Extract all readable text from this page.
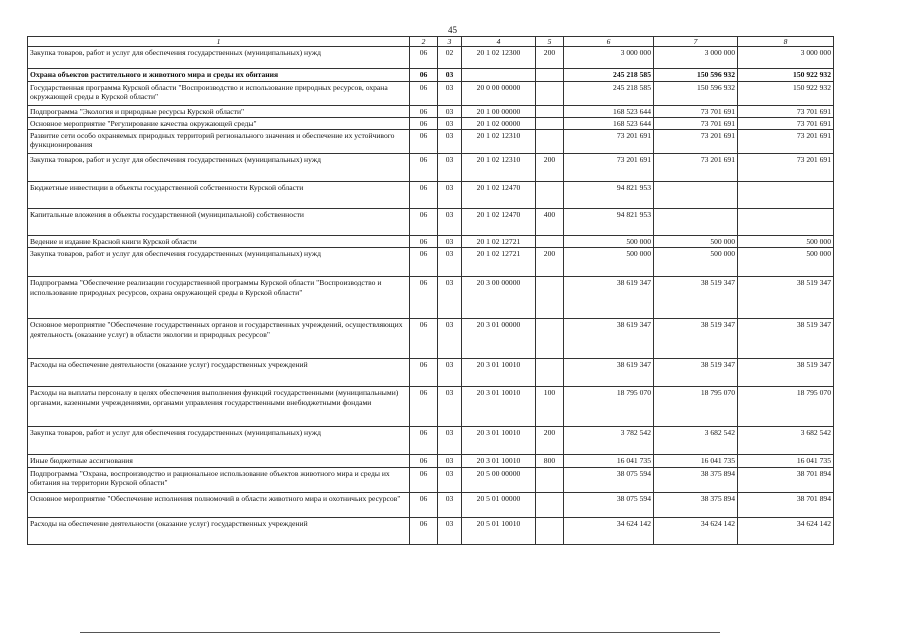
45
1	2	3	4	5	6	7	8
Закупка товаров, работ и услуг для обеспечения государственных (муниципальных) нужд	06	02	20 1 02 12300	200	3 000 000	3 000 000	3 000 000
Охрана объектов растительного и животного мира и среды их обитания	06	03			245 218 585	150 596 932	150 922 932
Государственная программа Курской области "Воспроизводство и использование природных ресурсов, охрана окружающей среды в Курской области"	06	03	20 0 00 00000		245 218 585	150 596 932	150 922 932
Подпрограмма "Экология и природные ресурсы Курской области"	06	03	20 1 00 00000		168 523 644	73 701 691	73 701 691
Основное мероприятие "Регулирование качества окружающей среды"	06	03	20 1 02 00000		168 523 644	73 701 691	73 701 691
Развитие сети особо охраняемых природных территорий регионального значения и обеспечение их устойчивого функционирования	06	03	20 1 02 12310		73 201 691	73 201 691	73 201 691
Закупка товаров, работ и услуг для обеспечения государственных (муниципальных) нужд	06	03	20 1 02 12310	200	73 201 691	73 201 691	73 201 691
Бюджетные инвестиции в объекты государственной собственности Курской области	06	03	20 1 02 12470		94 821 953		
Капитальные вложения в объекты государственной (муниципальной) собственности	06	03	20 1 02 12470	400	94 821 953		
Ведение и издание Красной книги Курской области	06	03	20 1 02 12721		500 000	500 000	500 000
Закупка товаров, работ и услуг для обеспечения государственных (муниципальных) нужд	06	03	20 1 02 12721	200	500 000	500 000	500 000
Подпрограмма "Обеспечение реализации государственной программы Курской области "Воспроизводство и использование природных ресурсов, охрана окружающей среды в Курской области"	06	03	20 3 00 00000		38 619 347	38 519 347	38 519 347
Основное мероприятие "Обеспечение государственных органов и государственных учреждений, осуществляющих деятельность (оказание услуг) в области экологии и природных ресурсов"	06	03	20 3 01 00000		38 619 347	38 519 347	38 519 347
Расходы на обеспечение деятельности (оказание услуг) государственных учреждений	06	03	20 3 01 10010		38 619 347	38 519 347	38 519 347
Расходы на выплаты персоналу в целях обеспечения выполнения функций государственными (муниципальными) органами, казенными учреждениями, органами управления государственными внебюджетными фондами	06	03	20 3 01 10010	100	18 795 070	18 795 070	18 795 070
Закупка товаров, работ и услуг для обеспечения государственных (муниципальных) нужд	06	03	20 3 01 10010	200	3 782 542	3 682 542	3 682 542
Иные бюджетные ассигнования	06	03	20 3 01 10010	800	16 041 735	16 041 735	16 041 735
Подпрограмма "Охрана, воспроизводство и рациональное использование объектов животного мира и среды их обитания на территории Курской области"	06	03	20 5 00 00000		38 075 594	38 375 894	38 701 894
Основное мероприятие "Обеспечение исполнения полномочий в области животного мира и охотничьих ресурсов"	06	03	20 5 01 00000		38 075 594	38 375 894	38 701 894
Расходы на обеспечение деятельности (оказание услуг) государственных учреждений	06	03	20 5 01 10010		34 624 142	34 624 142	34 624 142
